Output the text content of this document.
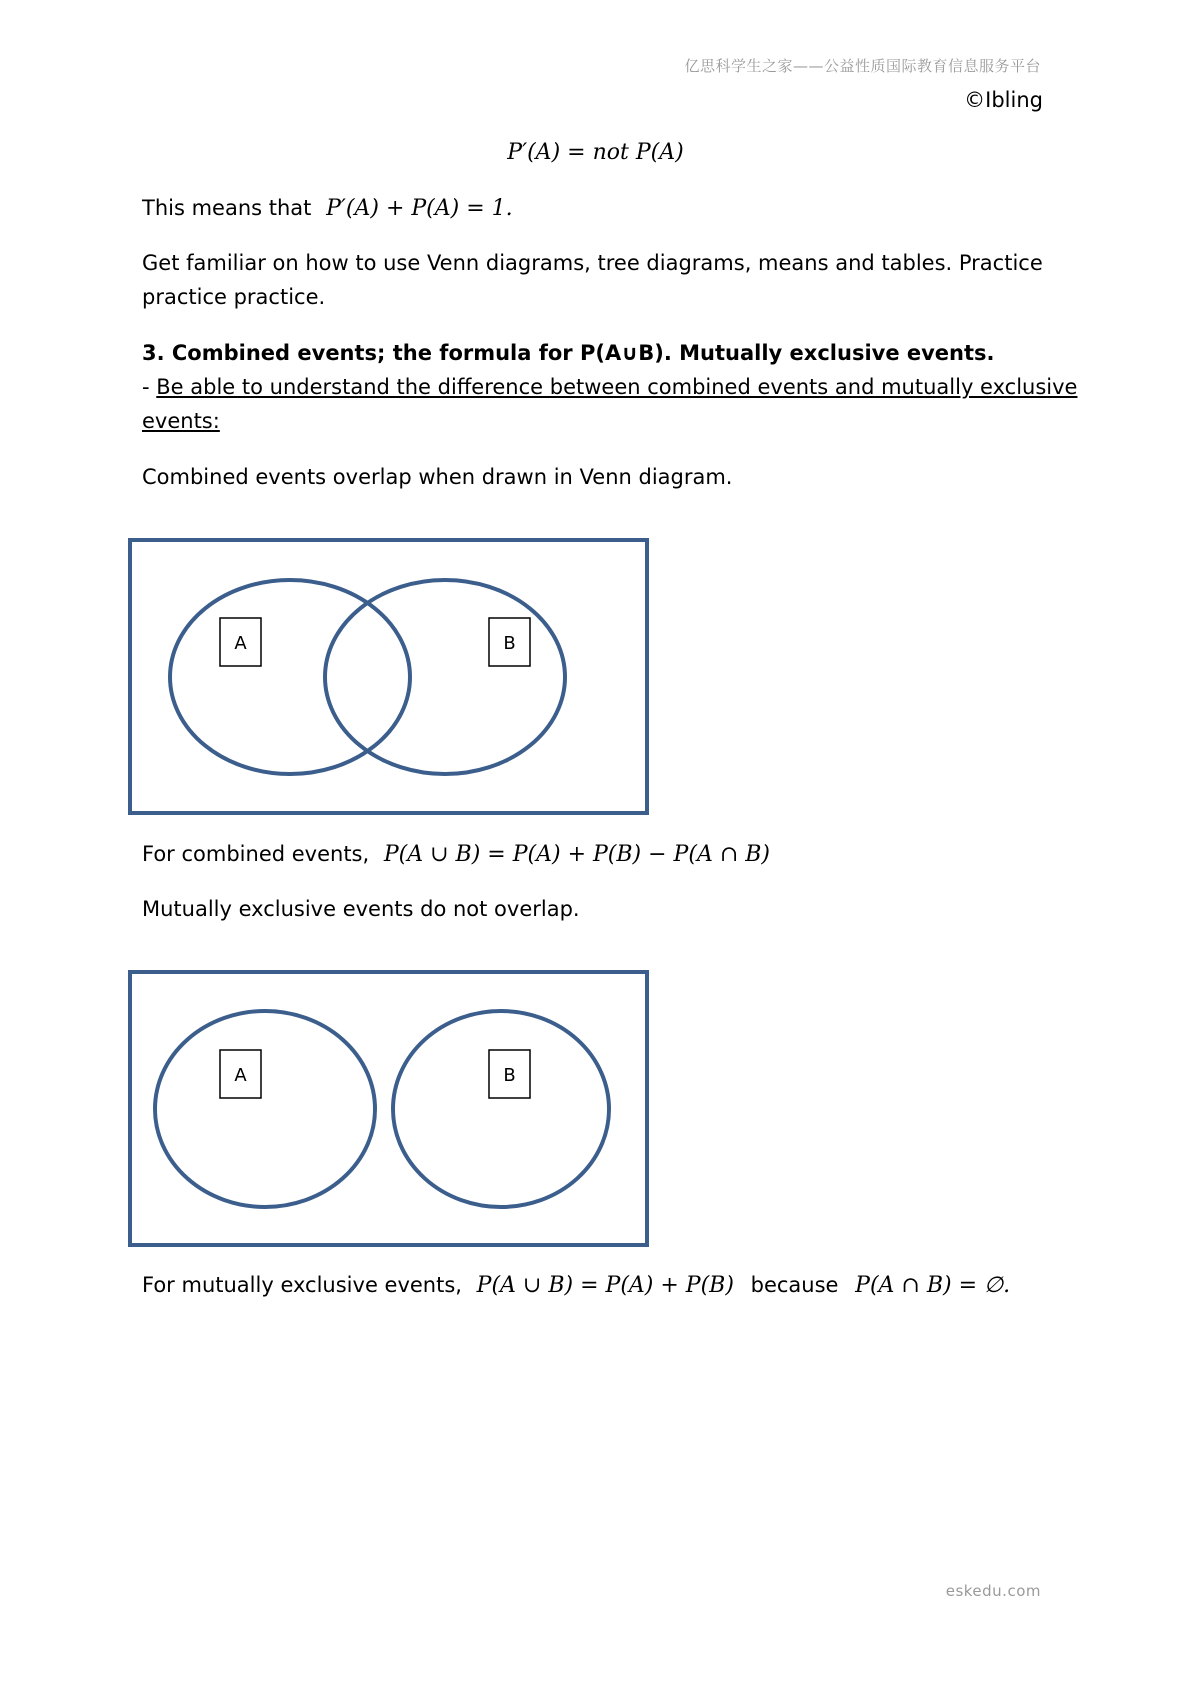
亿思科学生之家——公益性质国际教育信息服务平台
©Ibling
P′(A) = not P(A)
This means that P′(A) + P(A) = 1.
Get familiar on how to use Venn diagrams, tree diagrams, means and tables. Practice
practice practice.
3. Combined events; the formula for P(A∪B). Mutually exclusive events.
- Be able to understand the difference between combined events and mutually exclusive
events:
Combined events overlap when drawn in Venn diagram.
A	B
For combined events, P(A ∪ B) = P(A) + P(B) − P(A ∩ B)
Mutually exclusive events do not overlap.
A	B
For mutually exclusive events, P(A ∪ B) = P(A) + P(B) because P(A ∩ B) = ∅.
eskedu.com
